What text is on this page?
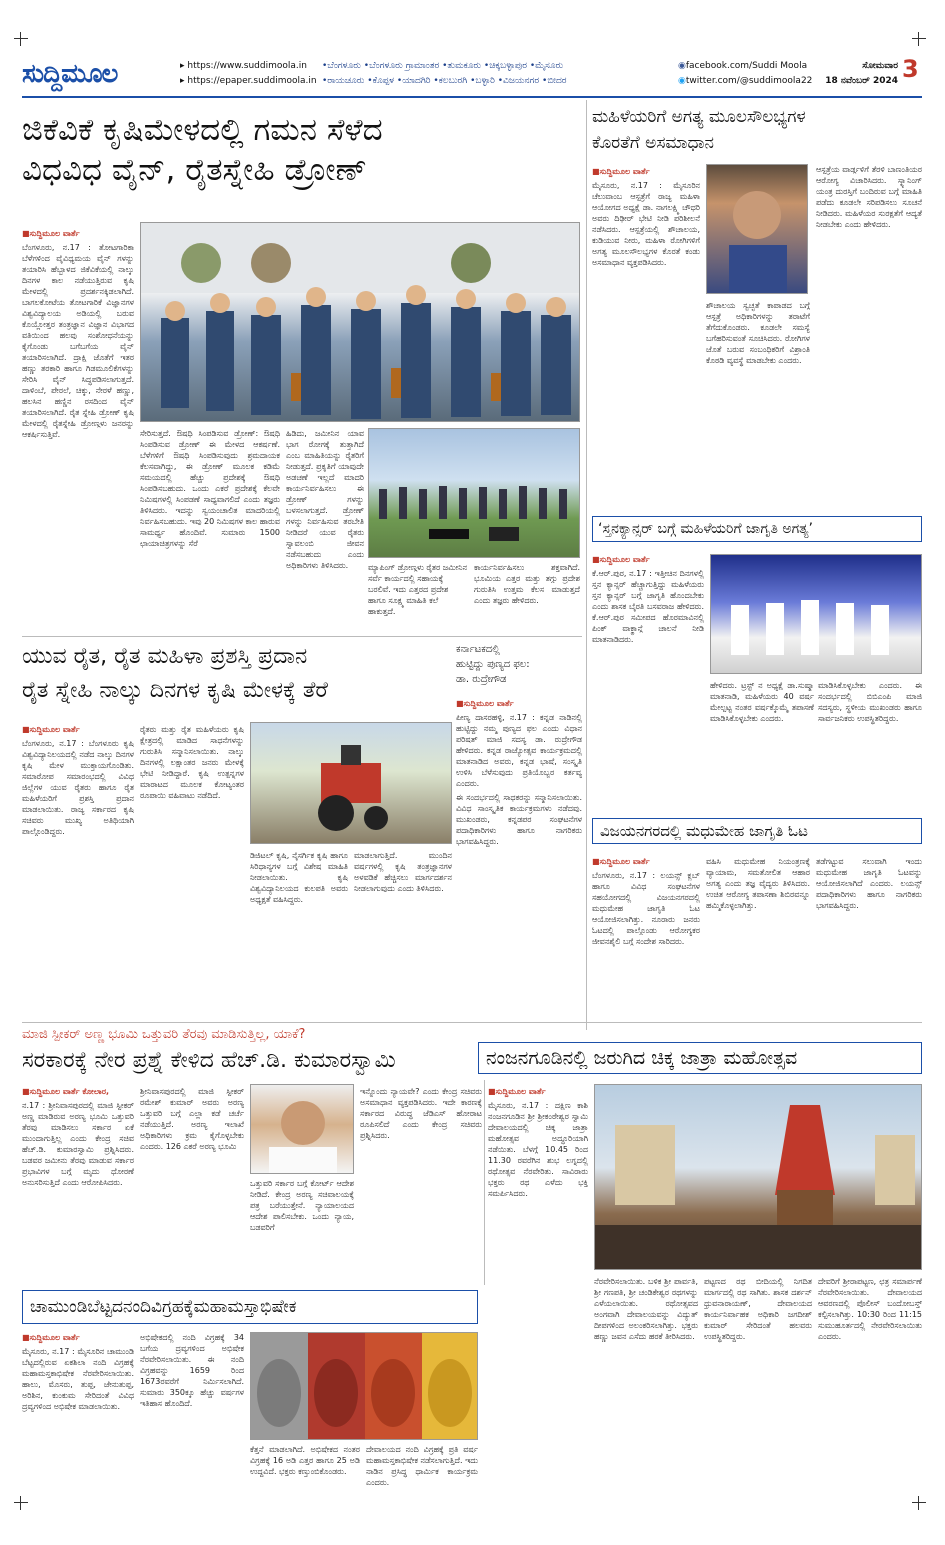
ಸುದ್ದಿಮೂಲ	▸ https://www.suddimoola.in
▸ https://epaper.suddimoola.in
•ಬೆಂಗಳೂರು •ಬೆಂಗಳೂರು ಗ್ರಾಮಾಂತರ •ತುಮಕೂರು •ಚಿಕ್ಕಬಳ್ಳಾಪುರ •ಮೈಸೂರು
•ರಾಯಚೂರು •ಕೊಪ್ಪಳ •ಯಾದಗಿರಿ •ಕಲಬುರಗಿ •ಬಳ್ಳಾರಿ •ವಿಜಯನಗರ •ಬೀದರ
◉facebook.com/Suddi Moola
◉twitter.com/@suddimoola22
ಸೋಮವಾರ
18 ನವೆಂಬರ್ 2024 3
ಜಿಕೆವಿಕೆ ಕೃಷಿಮೇಳದಲ್ಲಿ ಗಮನ ಸೆಳೆದ
ವಿಧವಿಧ ವೈನ್, ರೈತಸ್ನೇಹಿ ಡ್ರೋಣ್

■ಸುದ್ದಿಮೂಲ ವಾರ್ತೆ

ಬೆಂಗಳೂರು, ನ.17 : ತೋಟಗಾರಿಕಾ ಬೆಳೆಗಳಿಂದ ವೈವಿಧ್ಯಮಯ ವೈನ್ ಗಳನ್ನು ತಯಾರಿಸಿ ಹೆಬ್ಬಾಳದ ಜಿಕೆವಿಕೆಯಲ್ಲಿ ನಾಲ್ಕು ದಿನಗಳ ಕಾಲ ನಡೆಯುತ್ತಿರುವ ಕೃಷಿ ಮೇಳದಲ್ಲಿ ಪ್ರದರ್ಶನಕ್ಕಿಡಲಾಗಿದೆ. ಬಾಗಲಕೋಟೆಯ ತೋಟಗಾರಿಕೆ ವಿಜ್ಞಾನಗಳ ವಿಶ್ವವಿದ್ಯಾಲಯ ಅಡಿಯಲ್ಲಿ ಬರುವ ಕೊಯ್ಲೋತ್ತರ ತಂತ್ರಜ್ಞಾನ ವಿಜ್ಞಾನ ವಿಭಾಗದ ವತಿಯಿಂದ ಹಲವು ಸಂಶೋಧನೆಯನ್ನು ಕೈಗೊಂಡು ಬಗೆಬಗೆಯ ವೈನ್ ತಯಾರಿಸಲಾಗಿದೆ. ದ್ರಾಕ್ಷಿ ಜೊತೆಗೆ ಇತರ ಹಣ್ಣು ತರಕಾರಿ ಹಾಗೂ ಗಿಡಮೂಲಿಕೆಗಳನ್ನು ಸೇರಿಸಿ ವೈನ್ ಸಿದ್ಧಪಡಿಸಲಾಗುತ್ತದೆ. ದಾಳಿಂಬೆ, ಪೇರಲೆ, ಚಿಕ್ಕು, ನೇರಳೆ ಹಣ್ಣು, ಹಲಸಿನ ಹಣ್ಣಿನ ರಸದಿಂದ ವೈನ್ ತಯಾರಿಸಲಾಗಿದೆ. ರೈತ ಸ್ನೇಹಿ ಡ್ರೋಣ್ ಕೃಷಿ ಮೇಳದಲ್ಲಿ ರೈತಸ್ನೇಹಿ ಡ್ರೋಣ್ಗಳು ಜನರನ್ನು ಆಕರ್ಷಿಸುತ್ತಿವೆ.	ಸೇರಿಸುತ್ತದೆ. ಔಷಧಿ ಸಿಂಪಡಿಸುವ ಡ್ರೋಣ್: ಔಷಧಿ ಸಿಂಪಡಿಸುವ ಡ್ರೋಣ್ ಈ ಮೇಳದ ಆಕರ್ಷಣೆ. ಬೆಳೆಗಳಿಗೆ ಔಷಧಿ ಸಿಂಪಡಿಸುವುದು ಶ್ರಮದಾಯಕ ಕೆಲಸವಾಗಿದ್ದು, ಈ ಡ್ರೋಣ್ ಮೂಲಕ ಕಡಿಮೆ ಸಮಯದಲ್ಲಿ ಹೆಚ್ಚು ಪ್ರದೇಶಕ್ಕೆ ಔಷಧಿ ಸಿಂಪಡಿಸಬಹುದು. ಒಂದು ಎಕರೆ ಪ್ರದೇಶಕ್ಕೆ ಕೆಲವೇ ನಿಮಿಷಗಳಲ್ಲಿ ಸಿಂಪಡಣೆ ಸಾಧ್ಯವಾಗಲಿದೆ ಎಂದು ತಜ್ಞರು ತಿಳಿಸಿದರು. ಇದನ್ನು ಸ್ವಯಂಚಾಲಿತ ಮಾದರಿಯಲ್ಲಿ ನಿರ್ವಹಿಸಬಹುದು. ಇವು 20 ನಿಮಿಷಗಳ ಕಾಲ ಹಾರುವ ಸಾಮರ್ಥ್ಯ ಹೊಂದಿವೆ. ಸುಮಾರು 1500 ಛಾಯಾಚಿತ್ರಗಳನ್ನು ಸೆರೆ
ಹಿಡಿದು, ಜಮೀನಿನ ಯಾವ ಭಾಗ ರೋಗಕ್ಕೆ ತುತ್ತಾಗಿದೆ ಎಂಬ ಮಾಹಿತಿಯನ್ನು ರೈತರಿಗೆ ನೀಡುತ್ತದೆ. ಪ್ರಕೃತಿಗೆ ಯಾವುದೇ ಅಡಚಣೆ ಇಲ್ಲದೆ ಮಾದರಿ ಕಾರ್ಯನಿರ್ವಹಿಸಲು ಈ ಡ್ರೋಣ್ ಗಳನ್ನು ಬಳಸಲಾಗುತ್ತದೆ. ಡ್ರೋಣ್ ಗಳನ್ನು ನಿರ್ವಹಿಸುವ ತರಬೇತಿ ನೀಡಿದರೆ ಯುವ ರೈತರು ಸ್ವಾವಲಂಬಿ ಜೀವನ ನಡೆಸಬಹುದು ಎಂದು ಅಧಿಕಾರಿಗಳು ತಿಳಿಸಿದರು.	ಮ್ಯಾಪಿಂಗ್ ಡ್ರೋಣ್ಗಳು ರೈತರ ಜಮೀನಿನ ಸರ್ವೆ ಕಾರ್ಯದಲ್ಲಿ ಸಹಾಯಕ್ಕೆ ಬರಲಿವೆ. ಇದು ಎತ್ತರದ ಪ್ರದೇಶ ಹಾಗೂ ಸೂಕ್ಷ್ಮ ಮಾಹಿತಿ ಕಲೆ ಹಾಕುತ್ತದೆ.
ಕಾರ್ಯನಿರ್ವಹಿಸಲು ಶಕ್ತವಾಗಿದೆ. ಭೂಮಿಯ ಎತ್ತರ ಮತ್ತು ತಗ್ಗು ಪ್ರದೇಶ ಗುರುತಿಸಿ ಉತ್ತಮ ಕೆಲಸ ಮಾಡುತ್ತದೆ ಎಂದು ತಜ್ಞರು ಹೇಳಿದರು.
ಮಹಿಳೆಯರಿಗೆ ಅಗತ್ಯ ಮೂಲಸೌಲಭ್ಯಗಳ
ಕೊರತೆಗೆ ಅಸಮಾಧಾನ

■ಸುದ್ದಿಮೂಲ ವಾರ್ತೆ

ಮೈಸೂರು, ನ.17 : ಮೈಸೂರಿನ ಚೆಲುವಾಂಬ ಆಸ್ಪತ್ರೆಗೆ ರಾಜ್ಯ ಮಹಿಳಾ ಆಯೋಗದ ಅಧ್ಯಕ್ಷೆ ಡಾ. ನಾಗಲಕ್ಷ್ಮಿ ಚೌಧರಿ ಅವರು ದಿಢೀರ್ ಭೇಟಿ ನೀಡಿ ಪರಿಶೀಲನೆ ನಡೆಸಿದರು. ಆಸ್ಪತ್ರೆಯಲ್ಲಿ ಶೌಚಾಲಯ, ಕುಡಿಯುವ ನೀರು, ಮಹಿಳಾ ರೋಗಿಗಳಿಗೆ ಅಗತ್ಯ ಮೂಲಸೌಲಭ್ಯಗಳ ಕೊರತೆ ಕಂಡು ಅಸಮಾಧಾನ ವ್ಯಕ್ತಪಡಿಸಿದರು.

ಶೌಚಾಲಯ ಸ್ವಚ್ಛತೆ ಕಾಪಾಡದ ಬಗ್ಗೆ ಆಸ್ಪತ್ರೆ ಅಧಿಕಾರಿಗಳನ್ನು ತರಾಟೆಗೆ ತೆಗೆದುಕೊಂಡರು. ಕೂಡಲೇ ಸಮಸ್ಯೆ ಬಗೆಹರಿಸುವಂತೆ ಸೂಚಿಸಿದರು. ರೋಗಿಗಳ ಜೊತೆ ಬರುವ ಸಂಬಂಧಿಕರಿಗೆ ವಿಶ್ರಾಂತಿ ಕೊಠಡಿ ವ್ಯವಸ್ಥೆ ಮಾಡಬೇಕು ಎಂದರು.
ಆಸ್ಪತ್ರೆಯ ವಾರ್ಡ್ಗಳಿಗೆ ತೆರಳಿ ಬಾಣಂತಿಯರ ಆರೋಗ್ಯ ವಿಚಾರಿಸಿದರು. ಸ್ಕ್ಯಾನಿಂಗ್ ಯಂತ್ರ ದುರಸ್ತಿಗೆ ಬಂದಿರುವ ಬಗ್ಗೆ ಮಾಹಿತಿ ಪಡೆದು ಕೂಡಲೇ ಸರಿಪಡಿಸಲು ಸೂಚನೆ ನೀಡಿದರು. ಮಹಿಳೆಯರ ಸುರಕ್ಷತೆಗೆ ಆದ್ಯತೆ ನೀಡಬೇಕು ಎಂದು ಹೇಳಿದರು.
‘ಸ್ತನಕ್ಯಾನ್ಸರ್ ಬಗ್ಗೆ ಮಹಿಳೆಯರಿಗೆ ಜಾಗೃತಿ ಅಗತ್ಯ’

■ಸುದ್ದಿಮೂಲ ವಾರ್ತೆ

ಕೆ.ಆರ್.ಪುರ, ನ.17 : ಇತ್ತೀಚಿನ ದಿನಗಳಲ್ಲಿ ಸ್ತನ ಕ್ಯಾನ್ಸರ್ ಹೆಚ್ಚಾಗುತ್ತಿದ್ದು ಮಹಿಳೆಯರು ಸ್ತನ ಕ್ಯಾನ್ಸರ್ ಬಗ್ಗೆ ಜಾಗೃತಿ ಹೊಂದಬೇಕು ಎಂದು ಶಾಸಕ ಬೈರತಿ ಬಸವರಾಜ ಹೇಳಿದರು. ಕೆ.ಆರ್.ಪುರ ಸಮೀಪದ ಹೊರಮಾವಿನಲ್ಲಿ ಪಿಂಕ್ ವಾಕ್ಥಾನ್ಗೆ ಚಾಲನೆ ನೀಡಿ ಮಾತನಾಡಿದರು.

ಹೇಳಿದರು. ಟ್ರಸ್ಟ್ ನ ಅಧ್ಯಕ್ಷೆ ಡಾ.ಸುಷ್ಮಾ ಮಾತನಾಡಿ, ಮಹಿಳೆಯರು 40 ವರ್ಷ ಮೇಲ್ಪಟ್ಟ ನಂತರ ವರ್ಷಕ್ಕೊಮ್ಮೆ ತಪಾಸಣೆ ಮಾಡಿಸಿಕೊಳ್ಳಬೇಕು ಎಂದರು.
ಮಾಡಿಸಿಕೊಳ್ಳಬೇಕು ಎಂದರು. ಈ ಸಂದರ್ಭದಲ್ಲಿ ಬಿಬಿಎಂಪಿ ಮಾಜಿ ಸದಸ್ಯರು, ಸ್ಥಳೀಯ ಮುಖಂಡರು ಹಾಗೂ ಸಾರ್ವಜನಿಕರು ಉಪಸ್ಥಿತರಿದ್ದರು.
ಯುವ ರೈತ, ರೈತ ಮಹಿಳಾ ಪ್ರಶಸ್ತಿ ಪ್ರದಾನ
ರೈತ ಸ್ನೇಹಿ ನಾಲ್ಕು ದಿನಗಳ ಕೃಷಿ ಮೇಳಕ್ಕೆ ತೆರೆ

■ಸುದ್ದಿಮೂಲ ವಾರ್ತೆ

ಬೆಂಗಳೂರು, ನ.17 : ಬೆಂಗಳೂರು ಕೃಷಿ ವಿಶ್ವವಿದ್ಯಾನಿಲಯದಲ್ಲಿ ನಡೆದ ನಾಲ್ಕು ದಿನಗಳ ಕೃಷಿ ಮೇಳ ಮುಕ್ತಾಯಗೊಂಡಿತು. ಸಮಾರೋಪ ಸಮಾರಂಭದಲ್ಲಿ ವಿವಿಧ ಜಿಲ್ಲೆಗಳ ಯುವ ರೈತರು ಹಾಗೂ ರೈತ ಮಹಿಳೆಯರಿಗೆ ಪ್ರಶಸ್ತಿ ಪ್ರದಾನ ಮಾಡಲಾಯಿತು. ರಾಜ್ಯ ಸರ್ಕಾರದ ಕೃಷಿ ಸಚಿವರು ಮುಖ್ಯ ಅತಿಥಿಯಾಗಿ ಪಾಲ್ಗೊಂಡಿದ್ದರು.

ರೈತರು ಮತ್ತು ರೈತ ಮಹಿಳೆಯರು ಕೃಷಿ ಕ್ಷೇತ್ರದಲ್ಲಿ ಮಾಡಿದ ಸಾಧನೆಗಳನ್ನು ಗುರುತಿಸಿ ಸನ್ಮಾನಿಸಲಾಯಿತು. ನಾಲ್ಕು ದಿನಗಳಲ್ಲಿ ಲಕ್ಷಾಂತರ ಜನರು ಮೇಳಕ್ಕೆ ಭೇಟಿ ನೀಡಿದ್ದಾರೆ. ಕೃಷಿ ಉತ್ಪನ್ನಗಳ ಮಾರಾಟದ ಮೂಲಕ ಕೋಟ್ಯಂತರ ರೂಪಾಯಿ ವಹಿವಾಟು ನಡೆದಿದೆ.
ಡಿಜಿಟಲ್ ಕೃಷಿ, ನೈಸರ್ಗಿಕ ಕೃಷಿ ಹಾಗೂ ಸಿರಿಧಾನ್ಯಗಳ ಬಗ್ಗೆ ವಿಶೇಷ ಮಾಹಿತಿ ನೀಡಲಾಯಿತು. ಕೃಷಿ ವಿಶ್ವವಿದ್ಯಾನಿಲಯದ ಕುಲಪತಿ ಅವರು ಅಧ್ಯಕ್ಷತೆ ವಹಿಸಿದ್ದರು.
ಮಾಡಲಾಗುತ್ತಿದೆ. ಮುಂದಿನ ವರ್ಷಗಳಲ್ಲಿ ಕೃಷಿ ತಂತ್ರಜ್ಞಾನಗಳ ಅಳವಡಿಕೆ ಹೆಚ್ಚಿಸಲು ಮಾರ್ಗದರ್ಶನ ನೀಡಲಾಗುವುದು ಎಂದು ತಿಳಿಸಿದರು.
ಕರ್ನಾಟಕದಲ್ಲಿ
ಹುಟ್ಟಿದ್ದು ಪುಣ್ಯದ ಫಲ:
ಡಾ. ರುದ್ರೇಗೌಡ

■ಸುದ್ದಿಮೂಲ ವಾರ್ತೆ

ಪೀಣ್ಯ ದಾಸರಹಳ್ಳಿ, ನ.17 : ಕನ್ನಡ ನಾಡಿನಲ್ಲಿ ಹುಟ್ಟಿದ್ದು ನಮ್ಮ ಪುಣ್ಯದ ಫಲ ಎಂದು ವಿಧಾನ ಪರಿಷತ್ ಮಾಜಿ ಸದಸ್ಯ ಡಾ. ರುದ್ರೇಗೌಡ ಹೇಳಿದರು. ಕನ್ನಡ ರಾಜ್ಯೋತ್ಸವ ಕಾರ್ಯಕ್ರಮದಲ್ಲಿ ಮಾತನಾಡಿದ ಅವರು, ಕನ್ನಡ ಭಾಷೆ, ಸಂಸ್ಕೃತಿ ಉಳಿಸಿ ಬೆಳೆಸುವುದು ಪ್ರತಿಯೊಬ್ಬರ ಕರ್ತವ್ಯ ಎಂದರು.

ಈ ಸಂದರ್ಭದಲ್ಲಿ ಸಾಧಕರನ್ನು ಸನ್ಮಾನಿಸಲಾಯಿತು. ವಿವಿಧ ಸಾಂಸ್ಕೃತಿಕ ಕಾರ್ಯಕ್ರಮಗಳು ನಡೆದವು. ಮುಖಂಡರು, ಕನ್ನಡಪರ ಸಂಘಟನೆಗಳ ಪದಾಧಿಕಾರಿಗಳು ಹಾಗೂ ನಾಗರಿಕರು ಭಾಗವಹಿಸಿದ್ದರು.

ವಿಜಯನಗರದಲ್ಲಿ ಮಧುಮೇಹ ಜಾಗೃತಿ ಓಟ

■ಸುದ್ದಿಮೂಲ ವಾರ್ತೆ

ಬೆಂಗಳೂರು, ನ.17 : ಲಯನ್ಸ್ ಕ್ಲಬ್ ಹಾಗೂ ವಿವಿಧ ಸಂಘಟನೆಗಳ ಸಹಯೋಗದಲ್ಲಿ ವಿಜಯನಗರದಲ್ಲಿ ಮಧುಮೇಹ ಜಾಗೃತಿ ಓಟ ಆಯೋಜಿಸಲಾಗಿತ್ತು. ನೂರಾರು ಜನರು ಓಟದಲ್ಲಿ ಪಾಲ್ಗೊಂಡು ಆರೋಗ್ಯಕರ ಜೀವನಶೈಲಿ ಬಗ್ಗೆ ಸಂದೇಶ ಸಾರಿದರು.

ವಹಿಸಿ ಮಧುಮೇಹ ನಿಯಂತ್ರಣಕ್ಕೆ ವ್ಯಾಯಾಮ, ಸಮತೋಲಿತ ಆಹಾರ ಅಗತ್ಯ ಎಂದು ತಜ್ಞ ವೈದ್ಯರು ತಿಳಿಸಿದರು. ಉಚಿತ ಆರೋಗ್ಯ ತಪಾಸಣಾ ಶಿಬಿರವನ್ನೂ ಹಮ್ಮಿಕೊಳ್ಳಲಾಗಿತ್ತು.
ತಡೆಗಟ್ಟುವ ಸಲುವಾಗಿ ಇಂದು ಮಧುಮೇಹ ಜಾಗೃತಿ ಓಟವನ್ನು ಆಯೋಜಿಸಲಾಗಿದೆ ಎಂದರು. ಲಯನ್ಸ್ ಪದಾಧಿಕಾರಿಗಳು ಹಾಗೂ ನಾಗರಿಕರು ಭಾಗವಹಿಸಿದ್ದರು.
ಮಾಜಿ ಸ್ಪೀಕರ್ ಅಣ್ಣ ಭೂಮಿ ಒತ್ತುವರಿ ತೆರವು ಮಾಡಿಸುತ್ತಿಲ್ಲ, ಯಾಕೆ?
ಸರಕಾರಕ್ಕೆ ನೇರ ಪ್ರಶ್ನೆ ಕೇಳಿದ ಹೆಚ್.ಡಿ. ಕುಮಾರಸ್ವಾಮಿ

■ಸುದ್ದಿಮೂಲ ವಾರ್ತೆ ಕೋಲಾರ,

ನ.17 : ಶ್ರೀನಿವಾಸಪುರದಲ್ಲಿ ಮಾಜಿ ಸ್ಪೀಕರ್ ಅಣ್ಣ ಮಾಡಿರುವ ಅರಣ್ಯ ಭೂಮಿ ಒತ್ತುವರಿ ತೆರವು ಮಾಡಿಸಲು ಸರ್ಕಾರ ಏಕೆ ಮುಂದಾಗುತ್ತಿಲ್ಲ ಎಂದು ಕೇಂದ್ರ ಸಚಿವ ಹೆಚ್.ಡಿ. ಕುಮಾರಸ್ವಾಮಿ ಪ್ರಶ್ನಿಸಿದರು. ಬಡವರ ಜಮೀನು ತೆರವು ಮಾಡುವ ಸರ್ಕಾರ ಪ್ರಭಾವಿಗಳ ಬಗ್ಗೆ ಮೃದು ಧೋರಣೆ ಅನುಸರಿಸುತ್ತಿದೆ ಎಂದು ಆರೋಪಿಸಿದರು.

ಶ್ರೀನಿವಾಸಪುರದಲ್ಲಿ ಮಾಜಿ ಸ್ಪೀಕರ್ ರಮೇಶ್ ಕುಮಾರ್ ಅವರು ಅರಣ್ಯ ಒತ್ತುವರಿ ಬಗ್ಗೆ ಎಲ್ಲಾ ಕಡೆ ಚರ್ಚೆ ನಡೆಯುತ್ತಿದೆ. ಅರಣ್ಯ ಇಲಾಖೆ ಅಧಿಕಾರಿಗಳು ಕ್ರಮ ಕೈಗೊಳ್ಳಬೇಕು ಎಂದರು. 126 ಎಕರೆ ಅರಣ್ಯ ಭೂಮಿ
ಒತ್ತುವರಿ ಸರ್ಕಾರ ಬಗ್ಗೆ ಕೋರ್ಟ್ ಆದೇಶ ನೀಡಿದೆ. ಕೇಂದ್ರ ಅರಣ್ಯ ಸಚಿವಾಲಯಕ್ಕೆ ಪತ್ರ ಬರೆಯುತ್ತೇನೆ. ನ್ಯಾಯಾಲಯದ ಆದೇಶ ಪಾಲಿಸಬೇಕು. ಒಂದು ನ್ಯಾಯ, ಬಡವರಿಗೆ
ಇನ್ನೊಂದು ನ್ಯಾಯವೇ? ಎಂದು ಕೇಂದ್ರ ಸಚಿವರು ಅಸಮಾಧಾನ ವ್ಯಕ್ತಪಡಿಸಿದರು. ಇದೇ ಕಾರಣಕ್ಕೆ ಸರ್ಕಾರದ ವಿರುದ್ಧ ಜೆಡಿಎಸ್ ಹೋರಾಟ ರೂಪಿಸಲಿದೆ ಎಂದು ಕೇಂದ್ರ ಸಚಿವರು ಪ್ರಶ್ನಿಸಿದರು.
ನಂಜನಗೂಡಿನಲ್ಲಿ ಜರುಗಿದ ಚಿಕ್ಕ ಜಾತ್ರಾ ಮಹೋತ್ಸವ

■ಸುದ್ದಿಮೂಲ ವಾರ್ತೆ

ಮೈಸೂರು, ನ.17 : ದಕ್ಷಿಣ ಕಾಶಿ ನಂಜನಗೂಡಿನ ಶ್ರೀ ಶ್ರೀಕಂಠೇಶ್ವರ ಸ್ವಾಮಿ ದೇವಾಲಯದಲ್ಲಿ ಚಿಕ್ಕ ಜಾತ್ರಾ ಮಹೋತ್ಸವ ಅದ್ಧೂರಿಯಾಗಿ ನಡೆಯಿತು. ಬೆಳಗ್ಗೆ 10.45 ರಿಂದ 11.30 ರವರೆಗಿನ ಶುಭ ಲಗ್ನದಲ್ಲಿ ರಥೋತ್ಸವ ನೆರವೇರಿತು. ಸಾವಿರಾರು ಭಕ್ತರು ರಥ ಎಳೆದು ಭಕ್ತಿ ಸಮರ್ಪಿಸಿದರು.

ನೆರವೇರಿಸಲಾಯಿತು. ಬಳಿಕ ಶ್ರೀ ಪಾರ್ವತಿ, ಶ್ರೀ ಗಣಪತಿ, ಶ್ರೀ ಚಂಡಿಕೇಶ್ವರ ರಥಗಳನ್ನು ಎಳೆಯಲಾಯಿತು. ರಥೋತ್ಸವದ ಅಂಗವಾಗಿ ದೇವಾಲಯವನ್ನು ವಿದ್ಯುತ್ ದೀಪಗಳಿಂದ ಅಲಂಕರಿಸಲಾಗಿತ್ತು. ಭಕ್ತರು ಹಣ್ಣು ಜವನ ಎಸೆದು ಹರಕೆ ತೀರಿಸಿದರು.
ಪಟ್ಟಣದ ರಥ ಬೀದಿಯಲ್ಲಿ ನಿಗದಿತ ಮಾರ್ಗದಲ್ಲಿ ರಥ ಸಾಗಿತು. ಶಾಸಕ ದರ್ಶನ್ ಧ್ರುವನಾರಾಯಣ್, ದೇವಾಲಯದ ಕಾರ್ಯನಿರ್ವಾಹಕ ಅಧಿಕಾರಿ ಜಗದೀಶ್ ಕುಮಾರ್ ಸೇರಿದಂತೆ ಹಲವರು ಉಪಸ್ಥಿತರಿದ್ದರು.
ದೇವರಿಗೆ ಶ್ರೀರಾಪಟ್ಟಣ, ಛತ್ರ ಸಮಾರ್ಪಣೆ ನೆರವೇರಿಸಲಾಯಿತು. ದೇವಾಲಯದ ಆವರಣದಲ್ಲಿ ಪೊಲೀಸ್ ಬಂದೋಬಸ್ತ್ ಕಲ್ಪಿಸಲಾಗಿತ್ತು. 10:30 ರಿಂದ 11:15 ಸುಮುಹೂರ್ತದಲ್ಲಿ ನೇರವೇರಿಸಲಾಯಿತು ಎಂದರು.
ಚಾಮುಂಡಿಬೆಟ್ಟದನಂದಿವಿಗ್ರಹಕ್ಕೆಮಹಾಮಸ್ತಾಭಿಷೇಕ

■ಸುದ್ದಿಮೂಲ ವಾರ್ತೆ

ಮೈಸೂರು, ನ.17 : ಮೈಸೂರಿನ ಚಾಮುಂಡಿ ಬೆಟ್ಟದಲ್ಲಿರುವ ಏಕಶಿಲಾ ನಂದಿ ವಿಗ್ರಹಕ್ಕೆ ಮಹಾಮಸ್ತಕಾಭಿಷೇಕ ನೆರವೇರಿಸಲಾಯಿತು. ಹಾಲು, ಮೊಸರು, ತುಪ್ಪ, ಜೇನುತುಪ್ಪ, ಅರಿಶಿನ, ಕುಂಕುಮ ಸೇರಿದಂತೆ ವಿವಿಧ ದ್ರವ್ಯಗಳಿಂದ ಅಭಿಷೇಕ ಮಾಡಲಾಯಿತು.

ಅಭಿಷೇಕದಲ್ಲಿ ನಂದಿ ವಿಗ್ರಹಕ್ಕೆ 34 ಬಗೆಯ ದ್ರವ್ಯಗಳಿಂದ ಅಭಿಷೇಕ ನೆರವೇರಿಸಲಾಯಿತು. ಈ ನಂದಿ ವಿಗ್ರಹವನ್ನು 1659 ರಿಂದ 1673ರವರೆಗೆ ನಿರ್ಮಿಸಲಾಗಿದೆ. ಸುಮಾರು 350ಕ್ಕೂ ಹೆಚ್ಚು ವರ್ಷಗಳ ಇತಿಹಾಸ ಹೊಂದಿದೆ.
ಕೆತ್ತನೆ ಮಾಡಲಾಗಿದೆ. ಅಭಿಷೇಕದ ನಂತರ ವಿಗ್ರಹಕ್ಕೆ 16 ಅಡಿ ಎತ್ತರ ಹಾಗೂ 25 ಅಡಿ ಉದ್ದವಿದೆ. ಭಕ್ತರು ಕಣ್ತುಂಬಿಕೊಂಡರು.
ದೇವಾಲಯದ ನಂದಿ ವಿಗ್ರಹಕ್ಕೆ ಪ್ರತಿ ವರ್ಷ ಮಹಾಮಸ್ತಕಾಭಿಷೇಕ ನಡೆಸಲಾಗುತ್ತಿದೆ. ಇದು ನಾಡಿನ ಪ್ರಸಿದ್ಧ ಧಾರ್ಮಿಕ ಕಾರ್ಯಕ್ರಮ ಎಂದರು.
